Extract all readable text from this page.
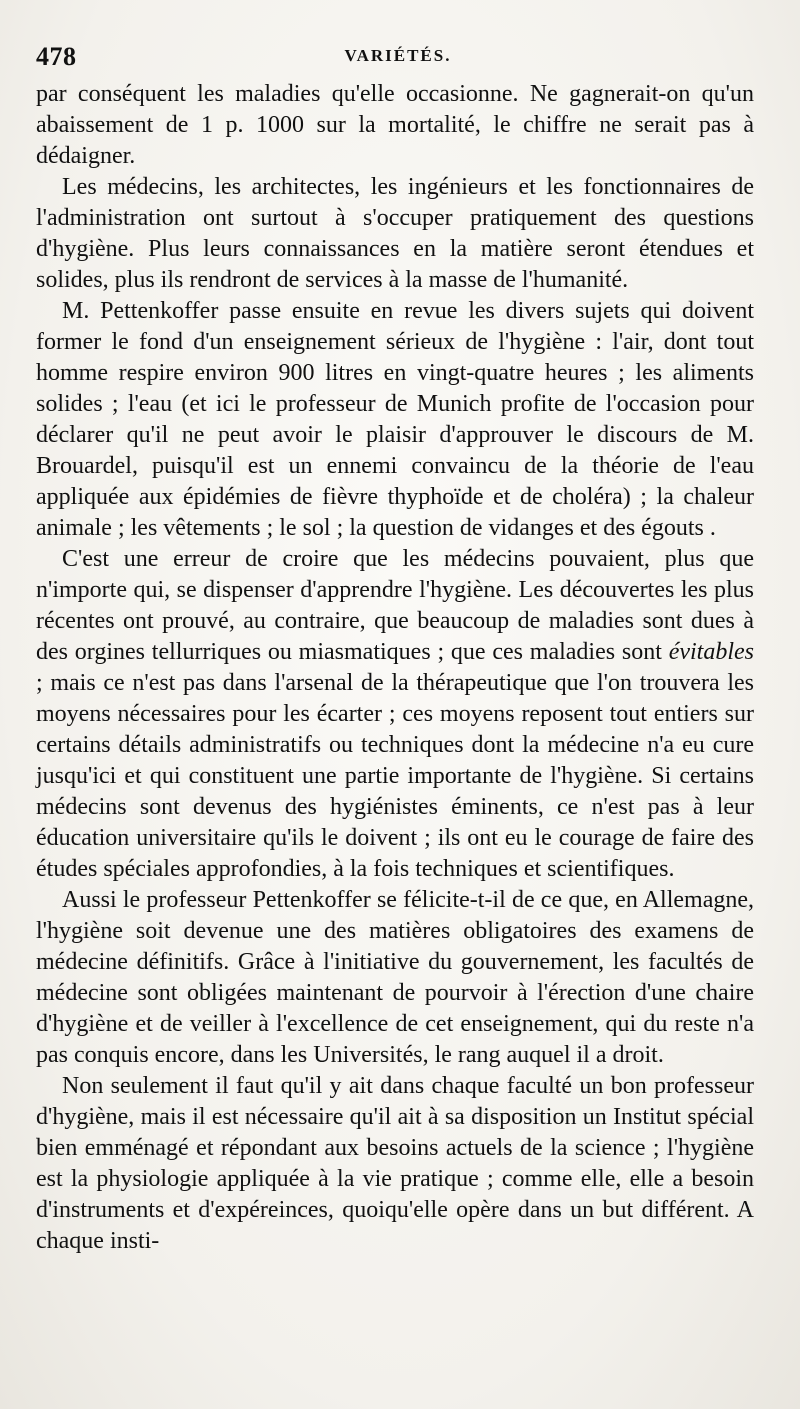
478	VARIÉTÉS.

par conséquent les maladies qu'elle occasionne. Ne gagnerait-on qu'un abaissement de 1 p. 1000 sur la mortalité, le chiffre ne serait pas à dédaigner.

Les médecins, les architectes, les ingénieurs et les fonctionnaires de l'administration ont surtout à s'occuper pratiquement des questions d'hygiène. Plus leurs connaissances en la matière seront étendues et solides, plus ils rendront de services à la masse de l'humanité.

M. Pettenkoffer passe ensuite en revue les divers sujets qui doivent former le fond d'un enseignement sérieux de l'hygiène : l'air, dont tout homme respire environ 900 litres en vingt-quatre heures ; les aliments solides ; l'eau (et ici le professeur de Munich profite de l'occasion pour déclarer qu'il ne peut avoir le plaisir d'approuver le discours de M. Brouardel, puisqu'il est un ennemi convaincu de la théorie de l'eau appliquée aux épidémies de fièvre thyphoïde et de choléra) ; la chaleur animale ; les vêtements ; le sol ; la question de vidanges et des égouts .

C'est une erreur de croire que les médecins pouvaient, plus que n'importe qui, se dispenser d'apprendre l'hygiène. Les découvertes les plus récentes ont prouvé, au contraire, que beaucoup de maladies sont dues à des orgines tellurriques ou miasmatiques ; que ces maladies sont évitables ; mais ce n'est pas dans l'arsenal de la thérapeutique que l'on trouvera les moyens nécessaires pour les écarter ; ces moyens reposent tout entiers sur certains détails administratifs ou techniques dont la médecine n'a eu cure jusqu'ici et qui constituent une partie importante de l'hygiène. Si certains médecins sont devenus des hygiénistes éminents, ce n'est pas à leur éducation universitaire qu'ils le doivent ; ils ont eu le courage de faire des études spéciales approfondies, à la fois techniques et scientifiques.

Aussi le professeur Pettenkoffer se félicite-t-il de ce que, en Allemagne, l'hygiène soit devenue une des matières obligatoires des examens de médecine définitifs. Grâce à l'initiative du gouvernement, les facultés de médecine sont obligées maintenant de pourvoir à l'érection d'une chaire d'hygiène et de veiller à l'excellence de cet enseignement, qui du reste n'a pas conquis encore, dans les Universités, le rang auquel il a droit.

Non seulement il faut qu'il y ait dans chaque faculté un bon professeur d'hygiène, mais il est nécessaire qu'il ait à sa disposition un Institut spécial bien emménagé et répondant aux besoins actuels de la science ; l'hygiène est la physiologie appliquée à la vie pratique ; comme elle, elle a besoin d'instruments et d'expéreinces, quoiqu'elle opère dans un but différent. A chaque insti-
